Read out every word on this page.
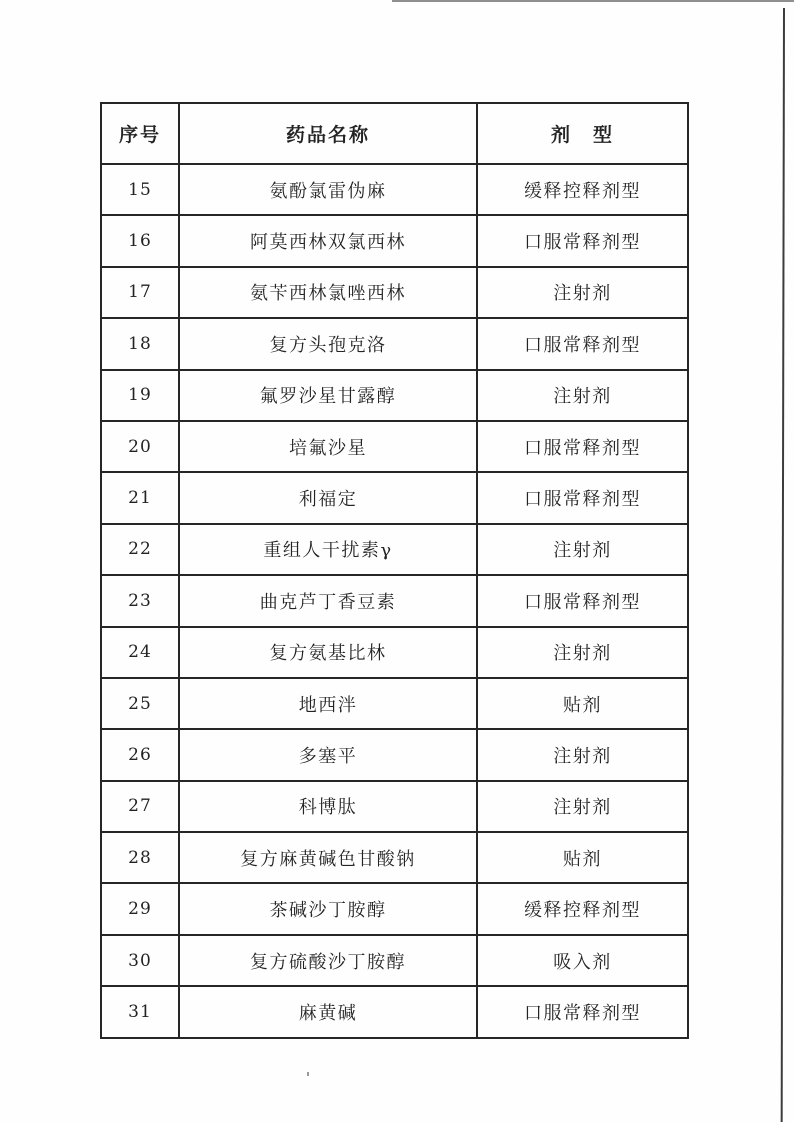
序号	药品名称	剂　型
15	氨酚氯雷伪麻	缓释控释剂型
16	阿莫西林双氯西林	口服常释剂型
17	氨苄西林氯唑西林	注射剂
18	复方头孢克洛	口服常释剂型
19	氟罗沙星甘露醇	注射剂
20	培氟沙星	口服常释剂型
21	利福定	口服常释剂型
22	重组人干扰素γ	注射剂
23	曲克芦丁香豆素	口服常释剂型
24	复方氨基比林	注射剂
25	地西泮	贴剂
26	多塞平	注射剂
27	科博肽	注射剂
28	复方麻黄碱色甘酸钠	贴剂
29	茶碱沙丁胺醇	缓释控释剂型
30	复方硫酸沙丁胺醇	吸入剂
31	麻黄碱	口服常释剂型
